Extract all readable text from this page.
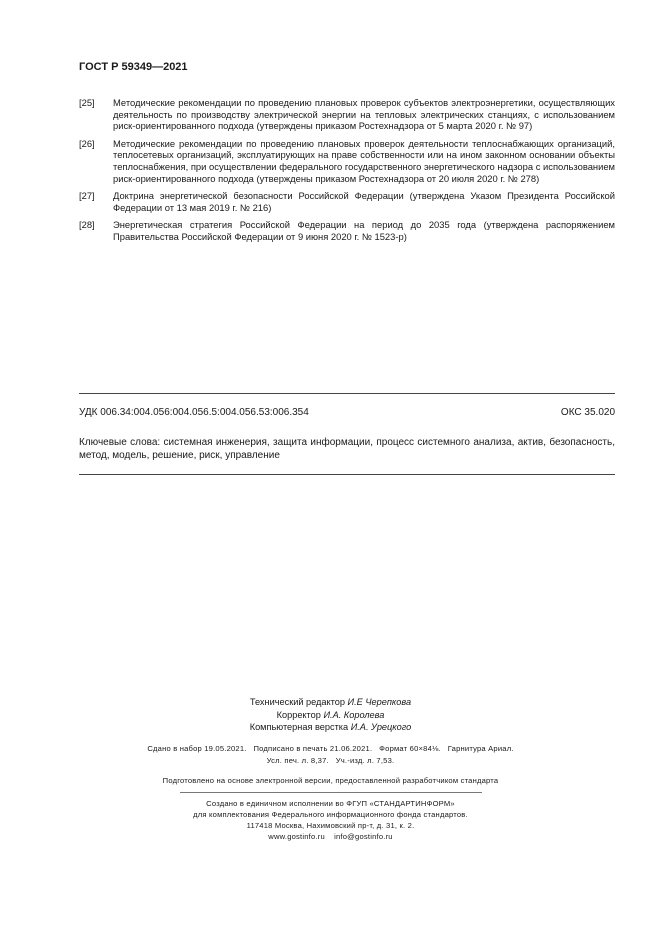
ГОСТ Р 59349—2021
[25]	Методические рекомендации по проведению плановых проверок субъектов электроэнергетики, осуществляющих деятельность по производству электрической энергии на тепловых электрических станциях, с использованием риск-ориентированного подхода (утверждены приказом Ростехнадзора от 5 марта 2020 г. № 97)
[26]	Методические рекомендации по проведению плановых проверок деятельности теплоснабжающих организаций, теплосетевых организаций, эксплуатирующих на праве собственности или на ином законном основании объекты теплоснабжения, при осуществлении федерального государственного энергетического надзора с использованием риск-ориентированного подхода (утверждены приказом Ростехнадзора от 20 июля 2020 г. № 278)
[27]	Доктрина энергетической безопасности Российской Федерации (утверждена Указом Президента Российской Федерации от 13 мая 2019 г. № 216)
[28]	Энергетическая стратегия Российской Федерации на период до 2035 года (утверждена распоряжением Правительства Российской Федерации от 9 июня 2020 г. № 1523-р)
УДК 006.34:004.056:004.056.5:004.056.53:006.354	ОКС 35.020
Ключевые слова: системная инженерия, защита информации, процесс системного анализа, актив, безопасность, метод, модель, решение, риск, управление
Технический редактор И.Е Черепкова
Корректор И.А. Королева
Компьютерная верстка И.А. Урецкого
Сдано в набор 19.05.2021.   Подписано в печать 21.06.2021.   Формат 60×84⅛.   Гарнитура Ариал.
Усл. печ. л. 8,37.   Уч.-изд. л. 7,53.
Подготовлено на основе электронной версии, предоставленной разработчиком стандарта
Создано в единичном исполнении во ФГУП «СТАНДАРТИНФОРМ»
для комплектования Федерального информационного фонда стандартов.
117418 Москва, Нахимовский пр-т, д. 31, к. 2.
www.gostinfo.ru    info@gostinfo.ru
